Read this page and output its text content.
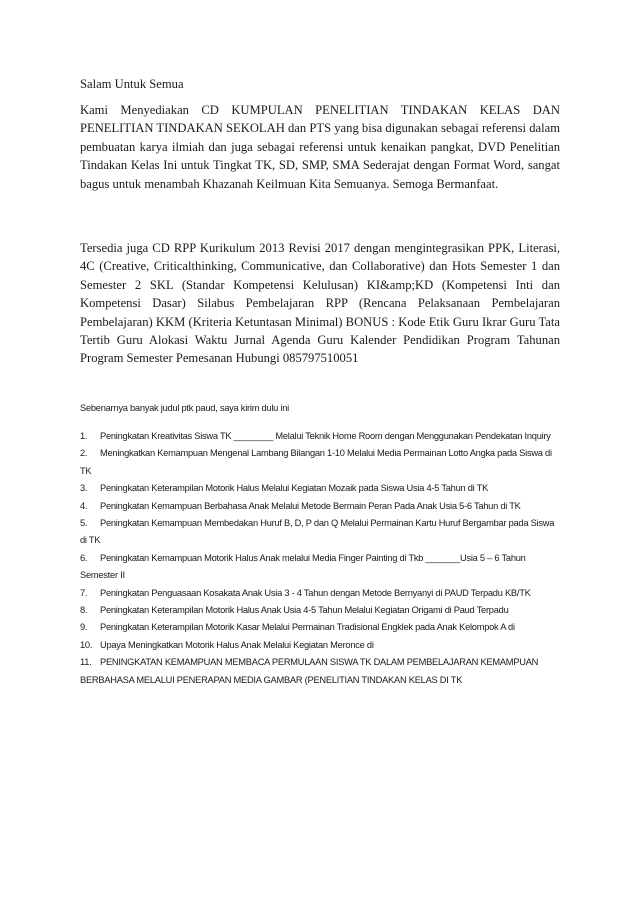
Salam Untuk Semua

Kami Menyediakan CD KUMPULAN PENELITIAN TINDAKAN KELAS DAN PENELITIAN TINDAKAN SEKOLAH dan PTS yang bisa digunakan sebagai referensi dalam pembuatan karya ilmiah dan juga sebagai referensi untuk kenaikan pangkat, DVD Penelitian Tindakan Kelas Ini untuk Tingkat TK, SD, SMP, SMA Sederajat dengan Format Word, sangat bagus untuk menambah Khazanah Keilmuan Kita Semuanya. Semoga Bermanfaat.

Tersedia juga CD RPP Kurikulum 2013 Revisi 2017 dengan mengintegrasikan PPK, Literasi, 4C (Creative, Criticalthinking, Communicative, dan Collaborative) dan Hots Semester 1 dan Semester 2 SKL (Standar Kompetensi Kelulusan) KI&amp;KD (Kompetensi Inti dan Kompetensi Dasar) Silabus Pembelajaran RPP (Rencana Pelaksanaan Pembelajaran Pembelajaran) KKM (Kriteria Ketuntasan Minimal) BONUS : Kode Etik Guru Ikrar Guru Tata Tertib Guru Alokasi Waktu Jurnal Agenda Guru Kalender Pendidikan Program Tahunan Program Semester Pemesanan Hubungi 085797510051

Sebenarnya banyak judul ptk paud, saya kirim dulu ini

1. Peningkatan Kreativitas Siswa TK ________ Melalui Teknik Home Room dengan Menggunakan Pendekatan Inquiry
2. Meningkatkan Kemampuan Mengenal Lambang Bilangan 1-10 Melalui Media Permainan Lotto Angka pada Siswa di TK
3. Peningkatan Keterampilan Motorik Halus Melalui Kegiatan Mozaik pada Siswa Usia 4-5 Tahun di TK
4. Peningkatan Kemampuan Berbahasa Anak Melalui Metode Bermain Peran Pada Anak Usia 5-6 Tahun di TK
5. Peningkatan Kemampuan Membedakan Huruf B, D, P dan Q Melalui Permainan Kartu Huruf Bergambar pada Siswa di TK
6. Peningkatan Kemampuan Motorik Halus Anak melalui Media Finger Painting di Tkb _______Usia 5 – 6 Tahun Semester II
7. Peningkatan Penguasaan Kosakata Anak Usia 3 - 4 Tahun dengan Metode Bernyanyi di PAUD Terpadu KB/TK
8. Peningkatan Keterampilan Motorik Halus Anak Usia 4-5 Tahun Melalui Kegiatan Origami di Paud Terpadu
9. Peningkatan Keterampilan Motorik Kasar Melalui Permainan Tradisional Engklek pada Anak Kelompok A di
10. Upaya Meningkatkan Motorik Halus Anak Melalui Kegiatan Meronce di
11. PENINGKATAN KEMAMPUAN MEMBACA PERMULAAN SISWA TK DALAM PEMBELAJARAN KEMAMPUAN BERBAHASA MELALUI PENERAPAN MEDIA GAMBAR (PENELITIAN TINDAKAN KELAS DI TK
